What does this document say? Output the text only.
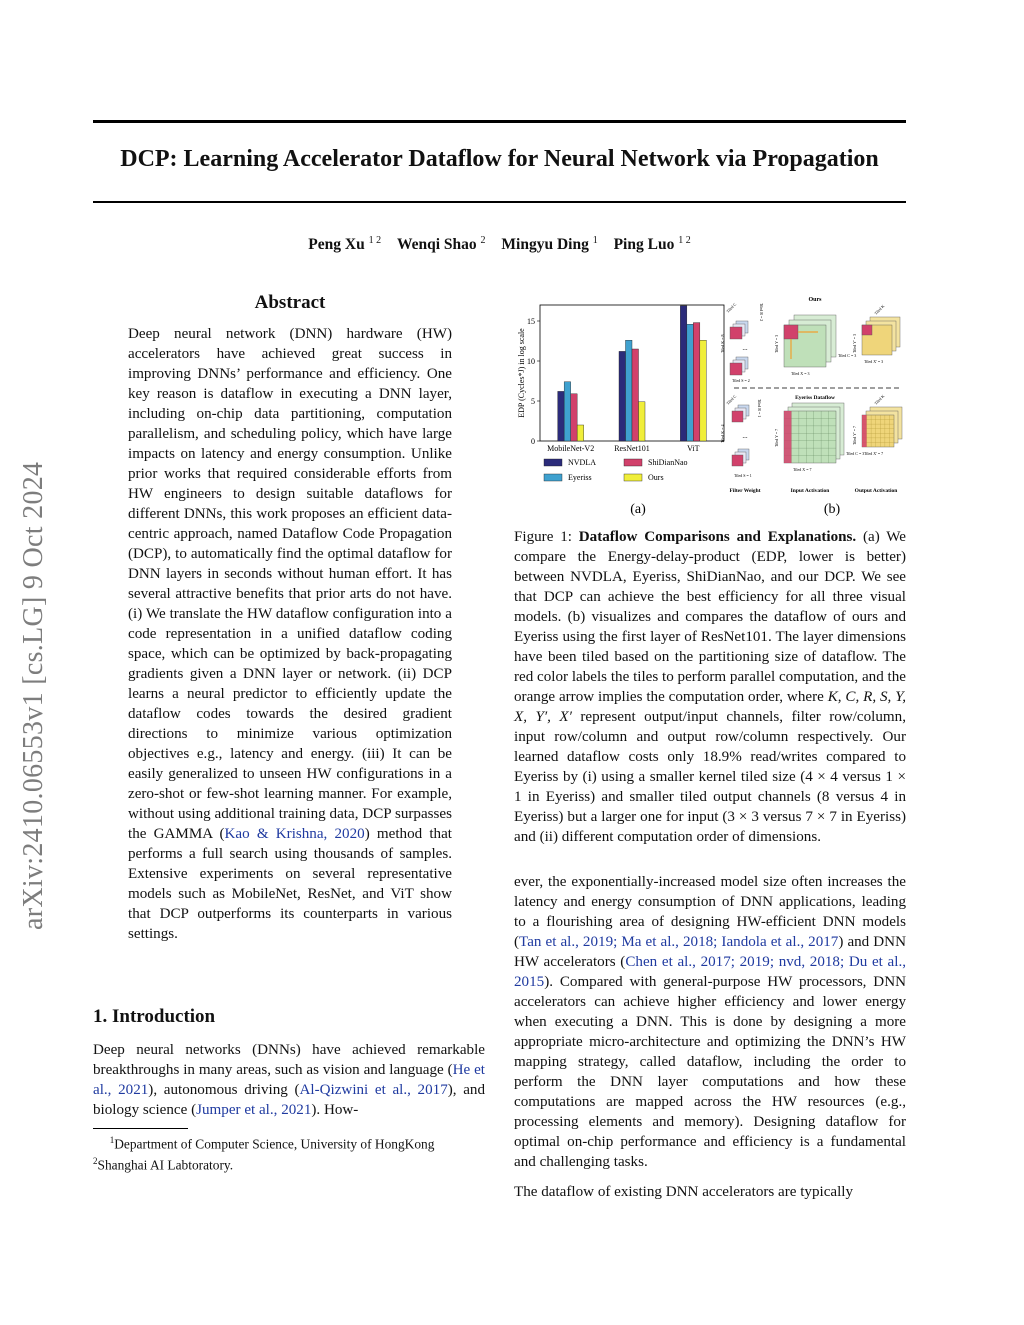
DCP: Learning Accelerator Dataflow for Neural Network via Propagation
Peng Xu $^{1 2}$ Wenqi Shao $^2$ Mingyu Ding $^1$ Ping Luo $^{1 2}$
arXiv:2410.06553v1 [cs.LG] 9 Oct 2024
Abstract
Deep neural network (DNN) hardware (HW) accelerators have achieved great success in improving DNNs’ performance and efficiency. One key reason is dataflow in executing a DNN layer, including on-chip data partitioning, computation parallelism, and scheduling policy, which have large impacts on latency and energy consumption. Unlike prior works that required considerable efforts from HW engineers to design suitable dataflows for different DNNs, this work proposes an efficient data-centric approach, named Dataflow Code Propagation (DCP), to automatically find the optimal dataflow for DNN layers in seconds without human effort. It has several attractive benefits that prior arts do not have. (i) We translate the HW dataflow configuration into a code representation in a unified dataflow coding space, which can be optimized by back-propagating gradients given a DNN layer or network. (ii) DCP learns a neural predictor to efficiently update the dataflow codes towards the desired gradient directions to minimize various optimization objectives e.g., latency and energy. (iii) It can be easily generalized to unseen HW configurations in a zero-shot or few-shot learning manner. For example, without using additional training data, DCP surpasses the GAMMA (Kao & Krishna, 2020) method that performs a full search using thousands of samples. Extensive experiments on several representative models such as MobileNet, ResNet, and ViT show that DCP outperforms its counterparts in various settings.
1. Introduction
Deep neural networks (DNNs) have achieved remarkable breakthroughs in many areas, such as vision and language (He et al., 2021), autonomous driving (Al-Qizwini et al., 2017), and biology science (Jumper et al., 2021). How-
$^1$Department of Computer Science, University of HongKong
$^2$Shanghai AI Labtoratory.
0
5
10
15
MobileNet-V2 ResNet101	ViT
EDP (Cycles*J) in log scale
NVDLA	ShiDianNao
Eyeriss	Ours
Ours
...
Tiled C	Tiled R = 2
Tiled K = 8
Tiled S = 2
Tiled Y = 3
Tiled C = 3
Tiled X = 3
Tiled Y' = 3
Tiled X' = 3
Tiled K
Eyeriss Dataflow
...
Tiled C	Tiled R = 1
Tiled K = 4
Tiled S = 1
Tiled Y = 7
Tiled C = 3
Tiled X = 7
Tiled Y' = 7
Tiled X' = 7
Tiled K
Filter Weight	Input Activation	Output Activation
(a)	(b)
Figure 1: Dataflow Comparisons and Explanations. (a) We compare the Energy-delay-product (EDP, lower is better) between NVDLA, Eyeriss, ShiDianNao, and our DCP. We see that DCP can achieve the best efficiency for all three visual models. (b) visualizes and compares the dataflow of ours and Eyeriss using the first layer of ResNet101. The layer dimensions have been tiled based on the partitioning size of dataflow. The red color labels the tiles to perform parallel computation, and the orange arrow implies the computation order, where K, C, R, S, Y, X, Y′, X′ represent output/input channels, filter row/column, input row/column and output row/column respectively. Our learned dataflow costs only 18.9% read/writes compared to Eyeriss by (i) using a smaller kernel tiled size (4 × 4 versus 1 × 1 in Eyeriss) and smaller tiled output channels (8 versus 4 in Eyeriss) but a larger one for input (3 × 3 versus 7 × 7 in Eyeriss) and (ii) different computation order of dimensions.
ever, the exponentially-increased model size often increases the latency and energy consumption of DNN applications, leading to a flourishing area of designing HW-efficient DNN models (Tan et al., 2019; Ma et al., 2018; Iandola et al., 2017) and DNN HW accelerators (Chen et al., 2017; 2019; nvd, 2018; Du et al., 2015). Compared with general-purpose HW processors, DNN accelerators can achieve higher efficiency and lower energy when executing a DNN. This is done by designing a more appropriate micro-architecture and optimizing the DNN’s HW mapping strategy, called dataflow, including the order to perform the DNN layer computations and how these computations are mapped across the HW resources (e.g., processing elements and memory). Designing dataflow for optimal on-chip performance and efficiency is a fundamental and challenging tasks.
The dataflow of existing DNN accelerators are typically
